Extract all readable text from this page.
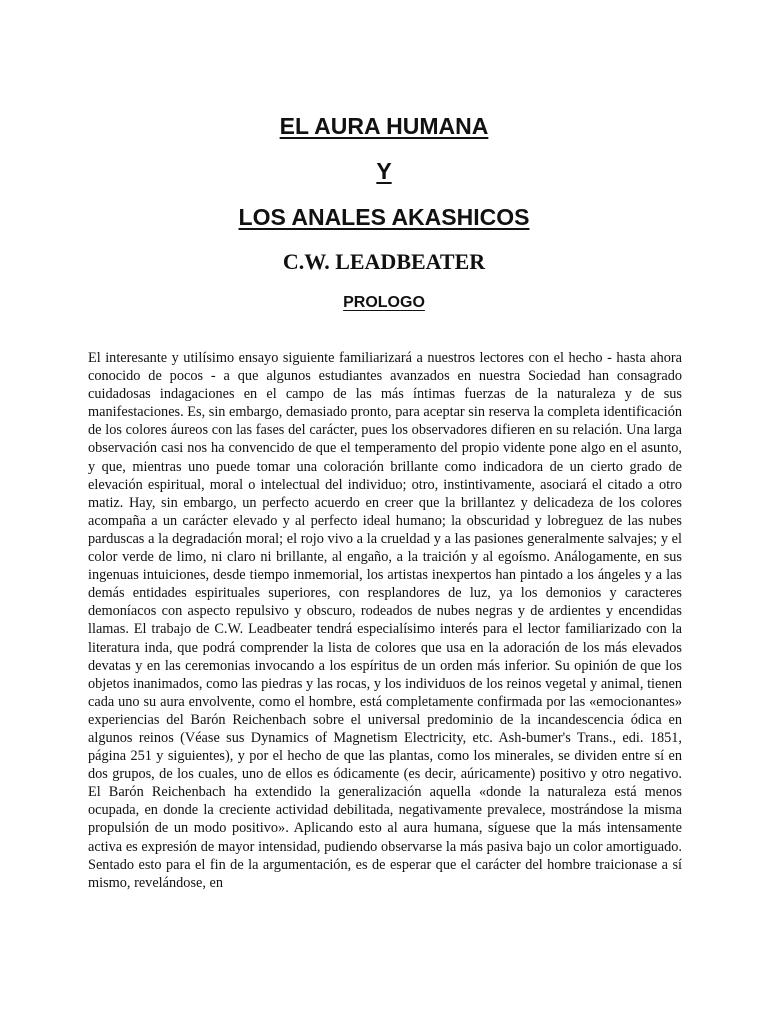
EL AURA HUMANA
Y
LOS ANALES AKASHICOS
C.W. LEADBEATER
PROLOGO

El interesante y utilísimo ensayo siguiente familiarizará a nuestros lectores con el hecho - hasta ahora conocido de pocos - a que algunos estudiantes avanzados en nuestra Sociedad han consagrado cuidadosas indagaciones en el campo de las más íntimas fuerzas de la naturaleza y de sus manifestaciones. Es, sin embargo, demasiado pronto, para aceptar sin reserva la completa identificación de los colores áureos con las fases del carácter, pues los observadores difieren en su relación. Una larga observación casi nos ha convencido de que el temperamento del propio vidente pone algo en el asunto, y que, mientras uno puede tomar una coloración brillante como indicadora de un cierto grado de elevación espiritual, moral o intelectual del individuo; otro, instintivamente, asociará el citado a otro matiz. Hay, sin embargo, un perfecto acuerdo en creer que la brillantez y delicadeza de los colores acompaña a un carácter elevado y al perfecto ideal humano; la obscuridad y lobreguez de las nubes parduscas a la degradación moral; el rojo vivo a la crueldad y a las pasiones generalmente salvajes; y el color verde de limo, ni claro ni brillante, al engaño, a la traición y al egoísmo. Análogamente, en sus ingenuas intuiciones, desde tiempo inmemorial, los artistas inexpertos han pintado a los ángeles y a las demás entidades espirituales superiores, con resplandores de luz, ya los demonios y caracteres demoníacos con aspecto repulsivo y obscuro, rodeados de nubes negras y de ardientes y encendidas llamas. El trabajo de C.W. Leadbeater tendrá especialísimo interés para el lector familiarizado con la literatura inda, que podrá comprender la lista de colores que usa en la adoración de los más elevados devatas y en las ceremonias invocando a los espíritus de un orden más inferior. Su opinión de que los objetos inanimados, como las piedras y las rocas, y los individuos de los reinos vegetal y animal, tienen cada uno su aura envolvente, como el hombre, está completamente confirmada por las «emocionantes» experiencias del Barón Reichenbach sobre el universal predominio de la incandescencia ódica en algunos reinos (Véase sus Dynamics of Magnetism Electricity, etc. Ash-bumer's Trans., edi. 1851, página 251 y siguientes), y por el hecho de que las plantas, como los minerales, se dividen entre sí en dos grupos, de los cuales, uno de ellos es ódicamente (es decir, aúricamente) positivo y otro negativo. El Barón Reichenbach ha extendido la generalización aquella «donde la naturaleza está menos ocupada, en donde la creciente actividad debilitada, negativamente prevalece, mostrándose la misma propulsión de un modo positivo». Aplicando esto al aura humana, síguese que la más intensamente activa es expresión de mayor intensidad, pudiendo observarse la más pasiva bajo un color amortiguado. Sentado esto para el fin de la argumentación, es de esperar que el carácter del hombre traicionase a sí mismo, revelándose, en
